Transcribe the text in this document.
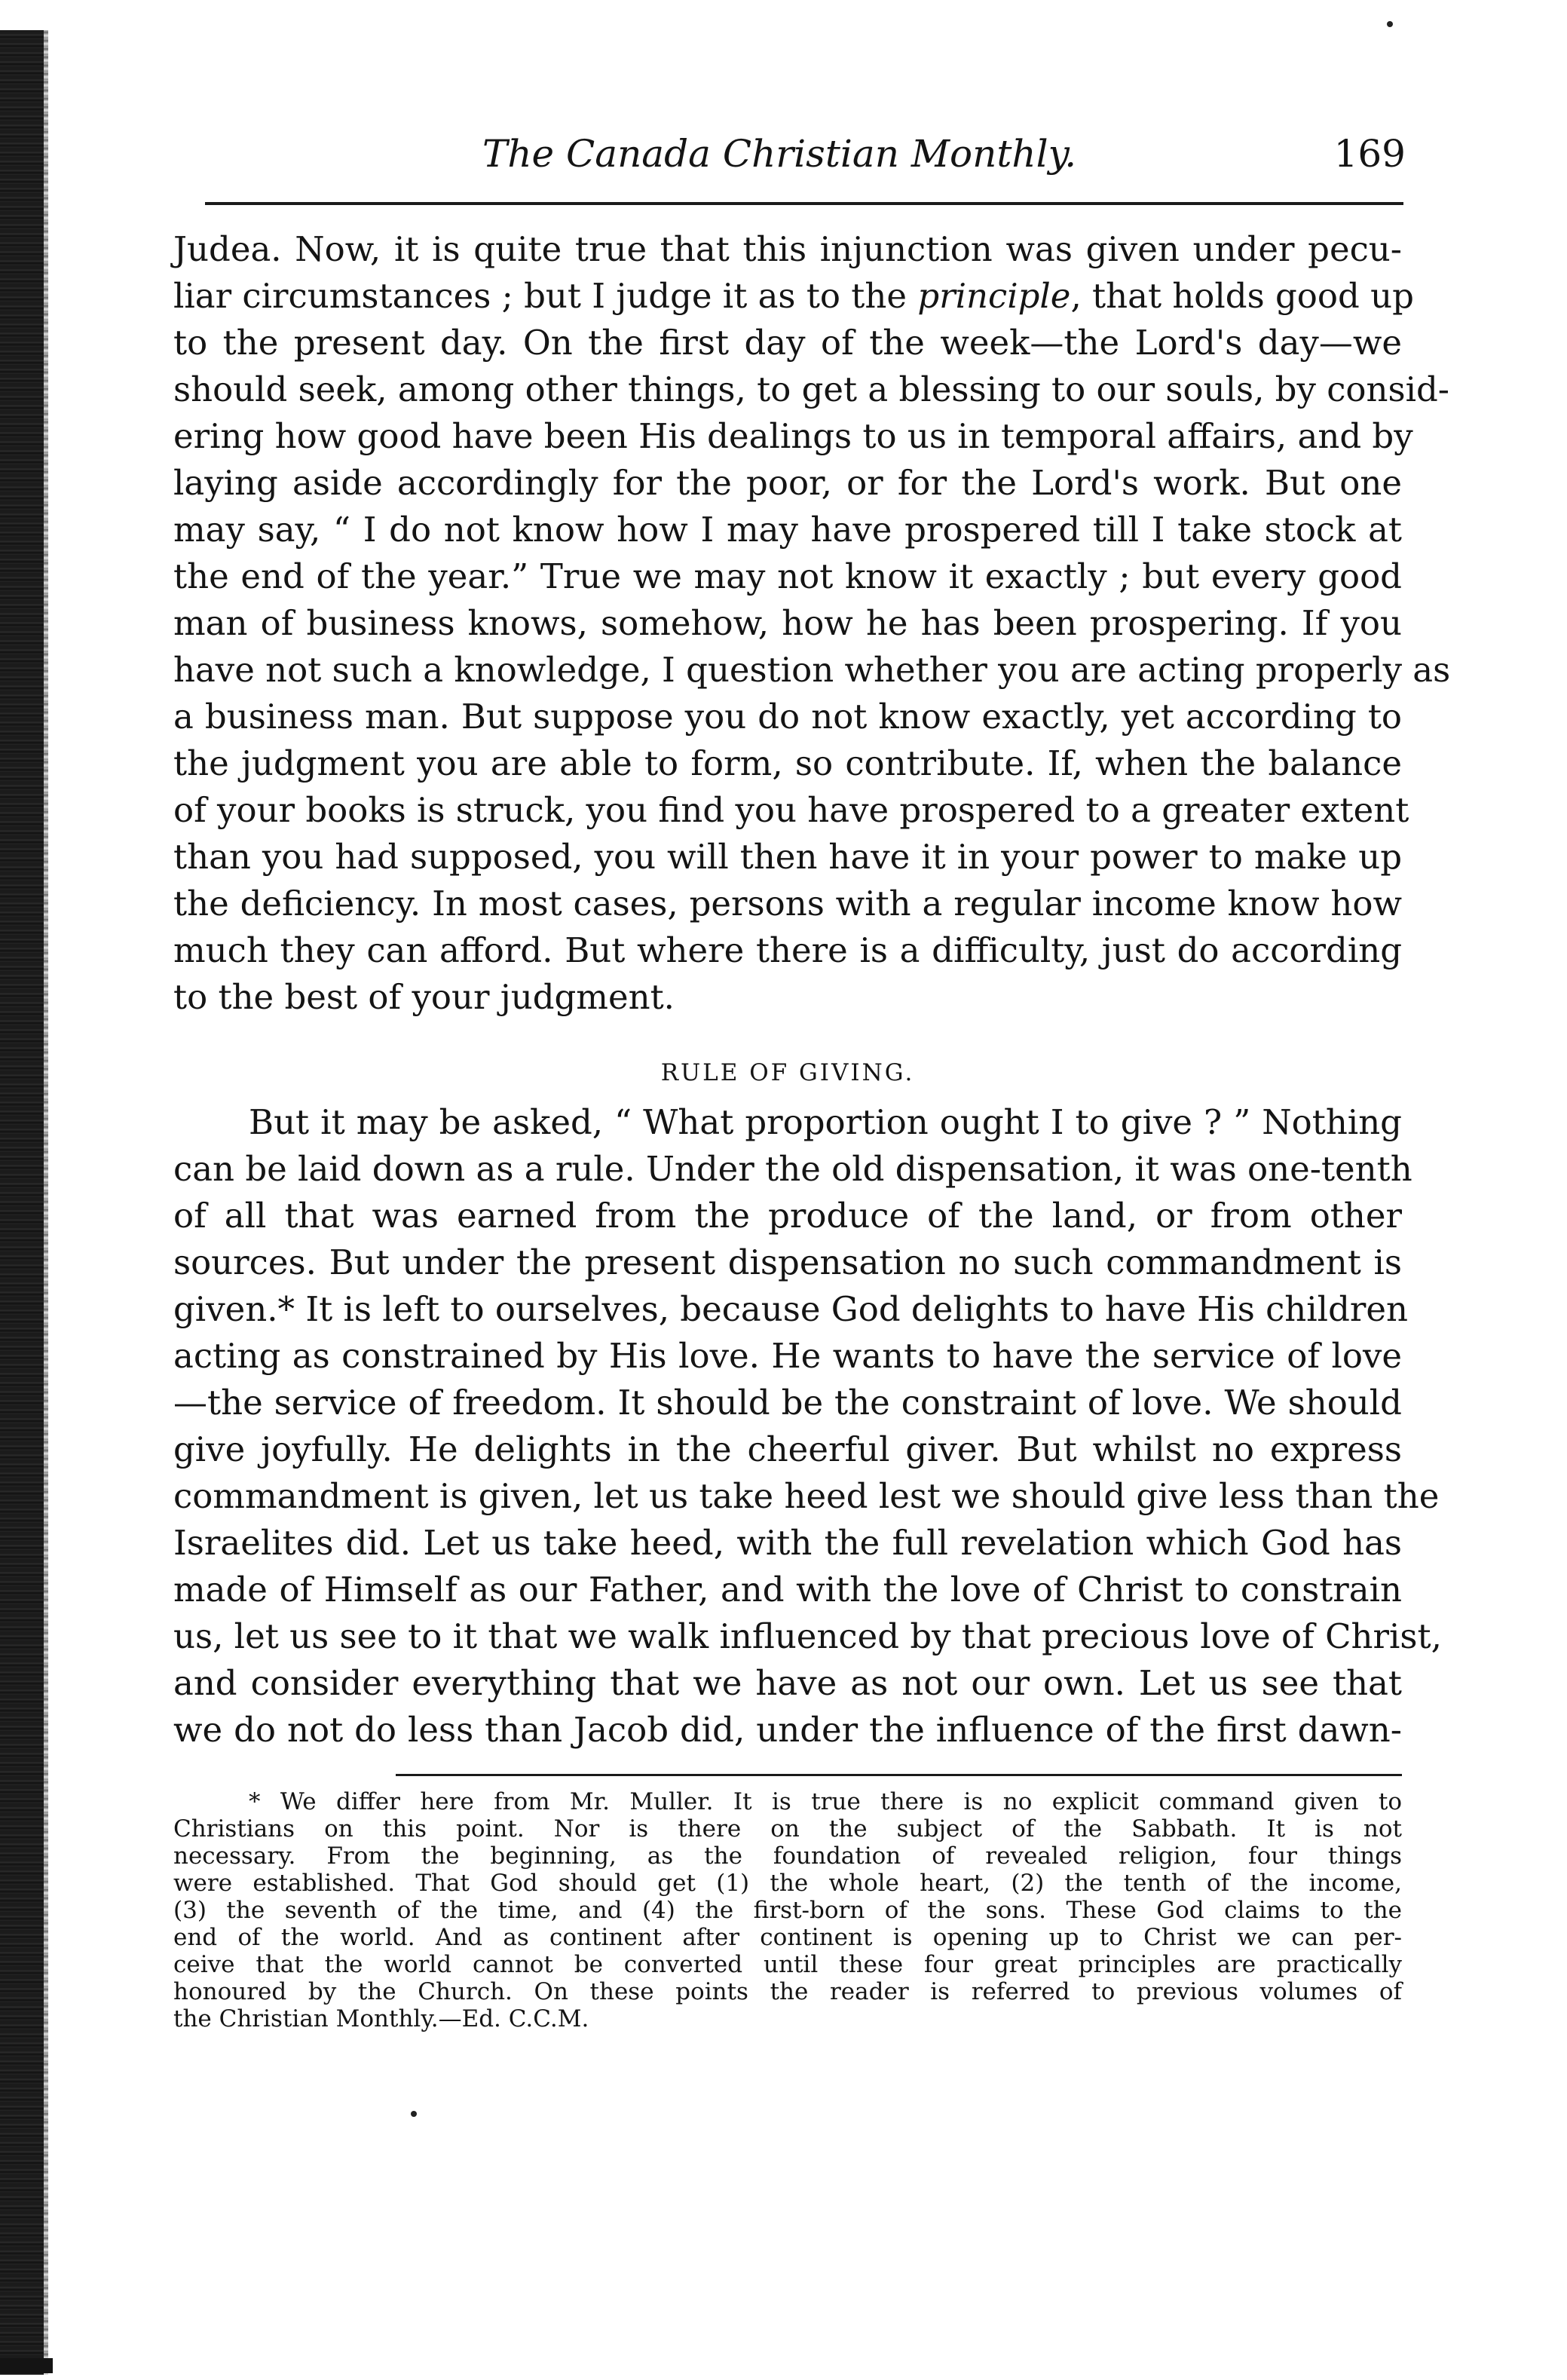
The Canada Christian Monthly.	169
Judea. Now, it is quite true that this injunction was given under pecu-
liar circumstances ; but I judge it as to the principle, that holds good up
to the present day. On the first day of the week—the Lord's day—we
should seek, among other things, to get a blessing to our souls, by consid-
ering how good have been His dealings to us in temporal affairs, and by
laying aside accordingly for the poor, or for the Lord's work. But one
may say, “ I do not know how I may have prospered till I take stock at
the end of the year.” True we may not know it exactly ; but every good
man of business knows, somehow, how he has been prospering. If you
have not such a knowledge, I question whether you are acting properly as
a business man. But suppose you do not know exactly, yet according to
the judgment you are able to form, so contribute. If, when the balance
of your books is struck, you find you have prospered to a greater extent
than you had supposed, you will then have it in your power to make up
the deficiency. In most cases, persons with a regular income know how
much they can afford. But where there is a difficulty, just do according
to the best of your judgment.
RULE OF GIVING.
But it may be asked, “ What proportion ought I to give ? ” Nothing
can be laid down as a rule. Under the old dispensation, it was one-tenth
of all that was earned from the produce of the land, or from other
sources. But under the present dispensation no such commandment is
given.* It is left to ourselves, because God delights to have His children
acting as constrained by His love. He wants to have the service of love
—the service of freedom. It should be the constraint of love. We should
give joyfully. He delights in the cheerful giver. But whilst no express
commandment is given, let us take heed lest we should give less than the
Israelites did. Let us take heed, with the full revelation which God has
made of Himself as our Father, and with the love of Christ to constrain
us, let us see to it that we walk influenced by that precious love of Christ,
and consider everything that we have as not our own. Let us see that
we do not do less than Jacob did, under the influence of the first dawn-
* We differ here from Mr. Muller. It is true there is no explicit command given to
Christians on this point. Nor is there on the subject of the Sabbath. It is not
necessary. From the beginning, as the foundation of revealed religion, four things
were established. That God should get (1) the whole heart, (2) the tenth of the income,
(3) the seventh of the time, and (4) the first-born of the sons. These God claims to the
end of the world. And as continent after continent is opening up to Christ we can per-
ceive that the world cannot be converted until these four great principles are practically
honoured by the Church. On these points the reader is referred to previous volumes of
the Christian Monthly.—Ed. C.C.M.
